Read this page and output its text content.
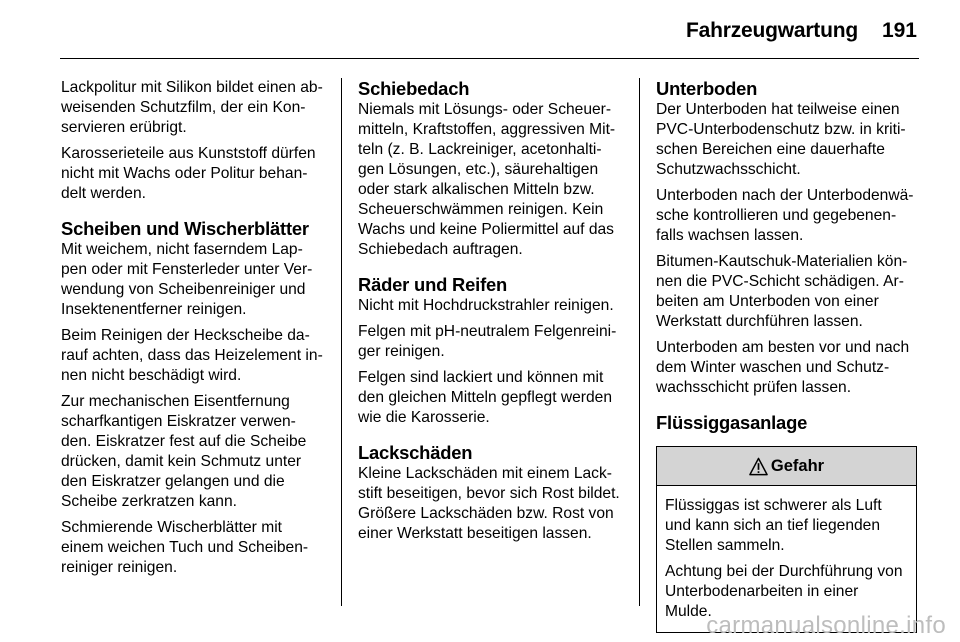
Fahrzeugwartung 191
Lackpolitur mit Silikon bildet einen ab-
weisenden Schutzfilm, der ein Kon-
servieren erübrigt.
Karosserieteile aus Kunststoff dürfen
nicht mit Wachs oder Politur behan-
delt werden.
Scheiben und Wischerblätter
Mit weichem, nicht faserndem Lap-
pen oder mit Fensterleder unter Ver-
wendung von Scheibenreiniger und
Insektenentferner reinigen.
Beim Reinigen der Heckscheibe da-
rauf achten, dass das Heizelement in-
nen nicht beschädigt wird.
Zur mechanischen Eisentfernung
scharfkantigen Eiskratzer verwen-
den. Eiskratzer fest auf die Scheibe
drücken, damit kein Schmutz unter
den Eiskratzer gelangen und die
Scheibe zerkratzen kann.
Schmierende Wischerblätter mit
einem weichen Tuch und Scheiben-
reiniger reinigen.
Schiebedach
Niemals mit Lösungs- oder Scheuer-
mitteln, Kraftstoffen, aggressiven Mit-
teln (z. B. Lackreiniger, acetonhalti-
gen Lösungen, etc.), säurehaltigen
oder stark alkalischen Mitteln bzw.
Scheuerschwämmen reinigen. Kein
Wachs und keine Poliermittel auf das
Schiebedach auftragen.
Räder und Reifen
Nicht mit Hochdruckstrahler reinigen.
Felgen mit pH-neutralem Felgenreini-
ger reinigen.
Felgen sind lackiert und können mit
den gleichen Mitteln gepflegt werden
wie die Karosserie.
Lackschäden
Kleine Lackschäden mit einem Lack-
stift beseitigen, bevor sich Rost bildet.
Größere Lackschäden bzw. Rost von
einer Werkstatt beseitigen lassen.
Unterboden
Der Unterboden hat teilweise einen
PVC-Unterbodenschutz bzw. in kriti-
schen Bereichen eine dauerhafte
Schutzwachsschicht.
Unterboden nach der Unterbodenwä-
sche kontrollieren und gegebenen-
falls wachsen lassen.
Bitumen-Kautschuk-Materialien kön-
nen die PVC-Schicht schädigen. Ar-
beiten am Unterboden von einer
Werkstatt durchführen lassen.
Unterboden am besten vor und nach
dem Winter waschen und Schutz-
wachsschicht prüfen lassen.
Flüssiggasanlage
Gefahr
Flüssiggas ist schwerer als Luft
und kann sich an tief liegenden
Stellen sammeln.
Achtung bei der Durchführung von
Unterbodenarbeiten in einer
Mulde.
carmanualsonline.info
